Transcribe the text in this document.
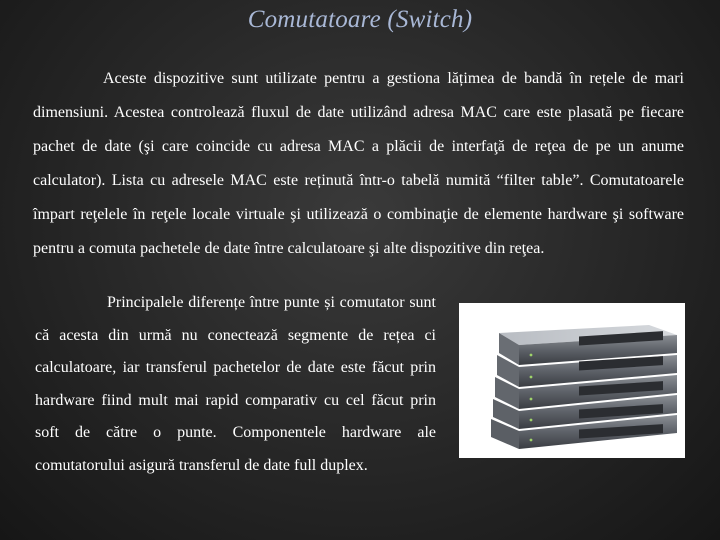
Comutatoare (Switch)

Aceste dispozitive sunt utilizate pentru a gestiona lățimea de bandă în rețele de mari dimensiuni. Acestea controlează fluxul de date utilizând adresa MAC care este plasată pe fiecare pachet de date (şi care coincide cu adresa MAC a plăcii de interfaţă de reţea de pe un anume calculator). Lista cu adresele MAC este reținută într-o tabelă numită “filter table”. Comutatoarele împart reţelele în reţele locale virtuale şi utilizează o combinaţie de elemente hardware şi software pentru a comuta pachetele de date între calculatoare şi alte dispozitive din reţea.

Principalele diferențe între punte și comutator sunt că acesta din urmă nu conectează segmente de rețea ci calculatoare, iar transferul pachetelor de date este făcut prin hardware fiind mult mai rapid comparativ cu cel făcut prin soft de către o punte. Componentele hardware ale comutatorului asigură transferul de date full duplex.
